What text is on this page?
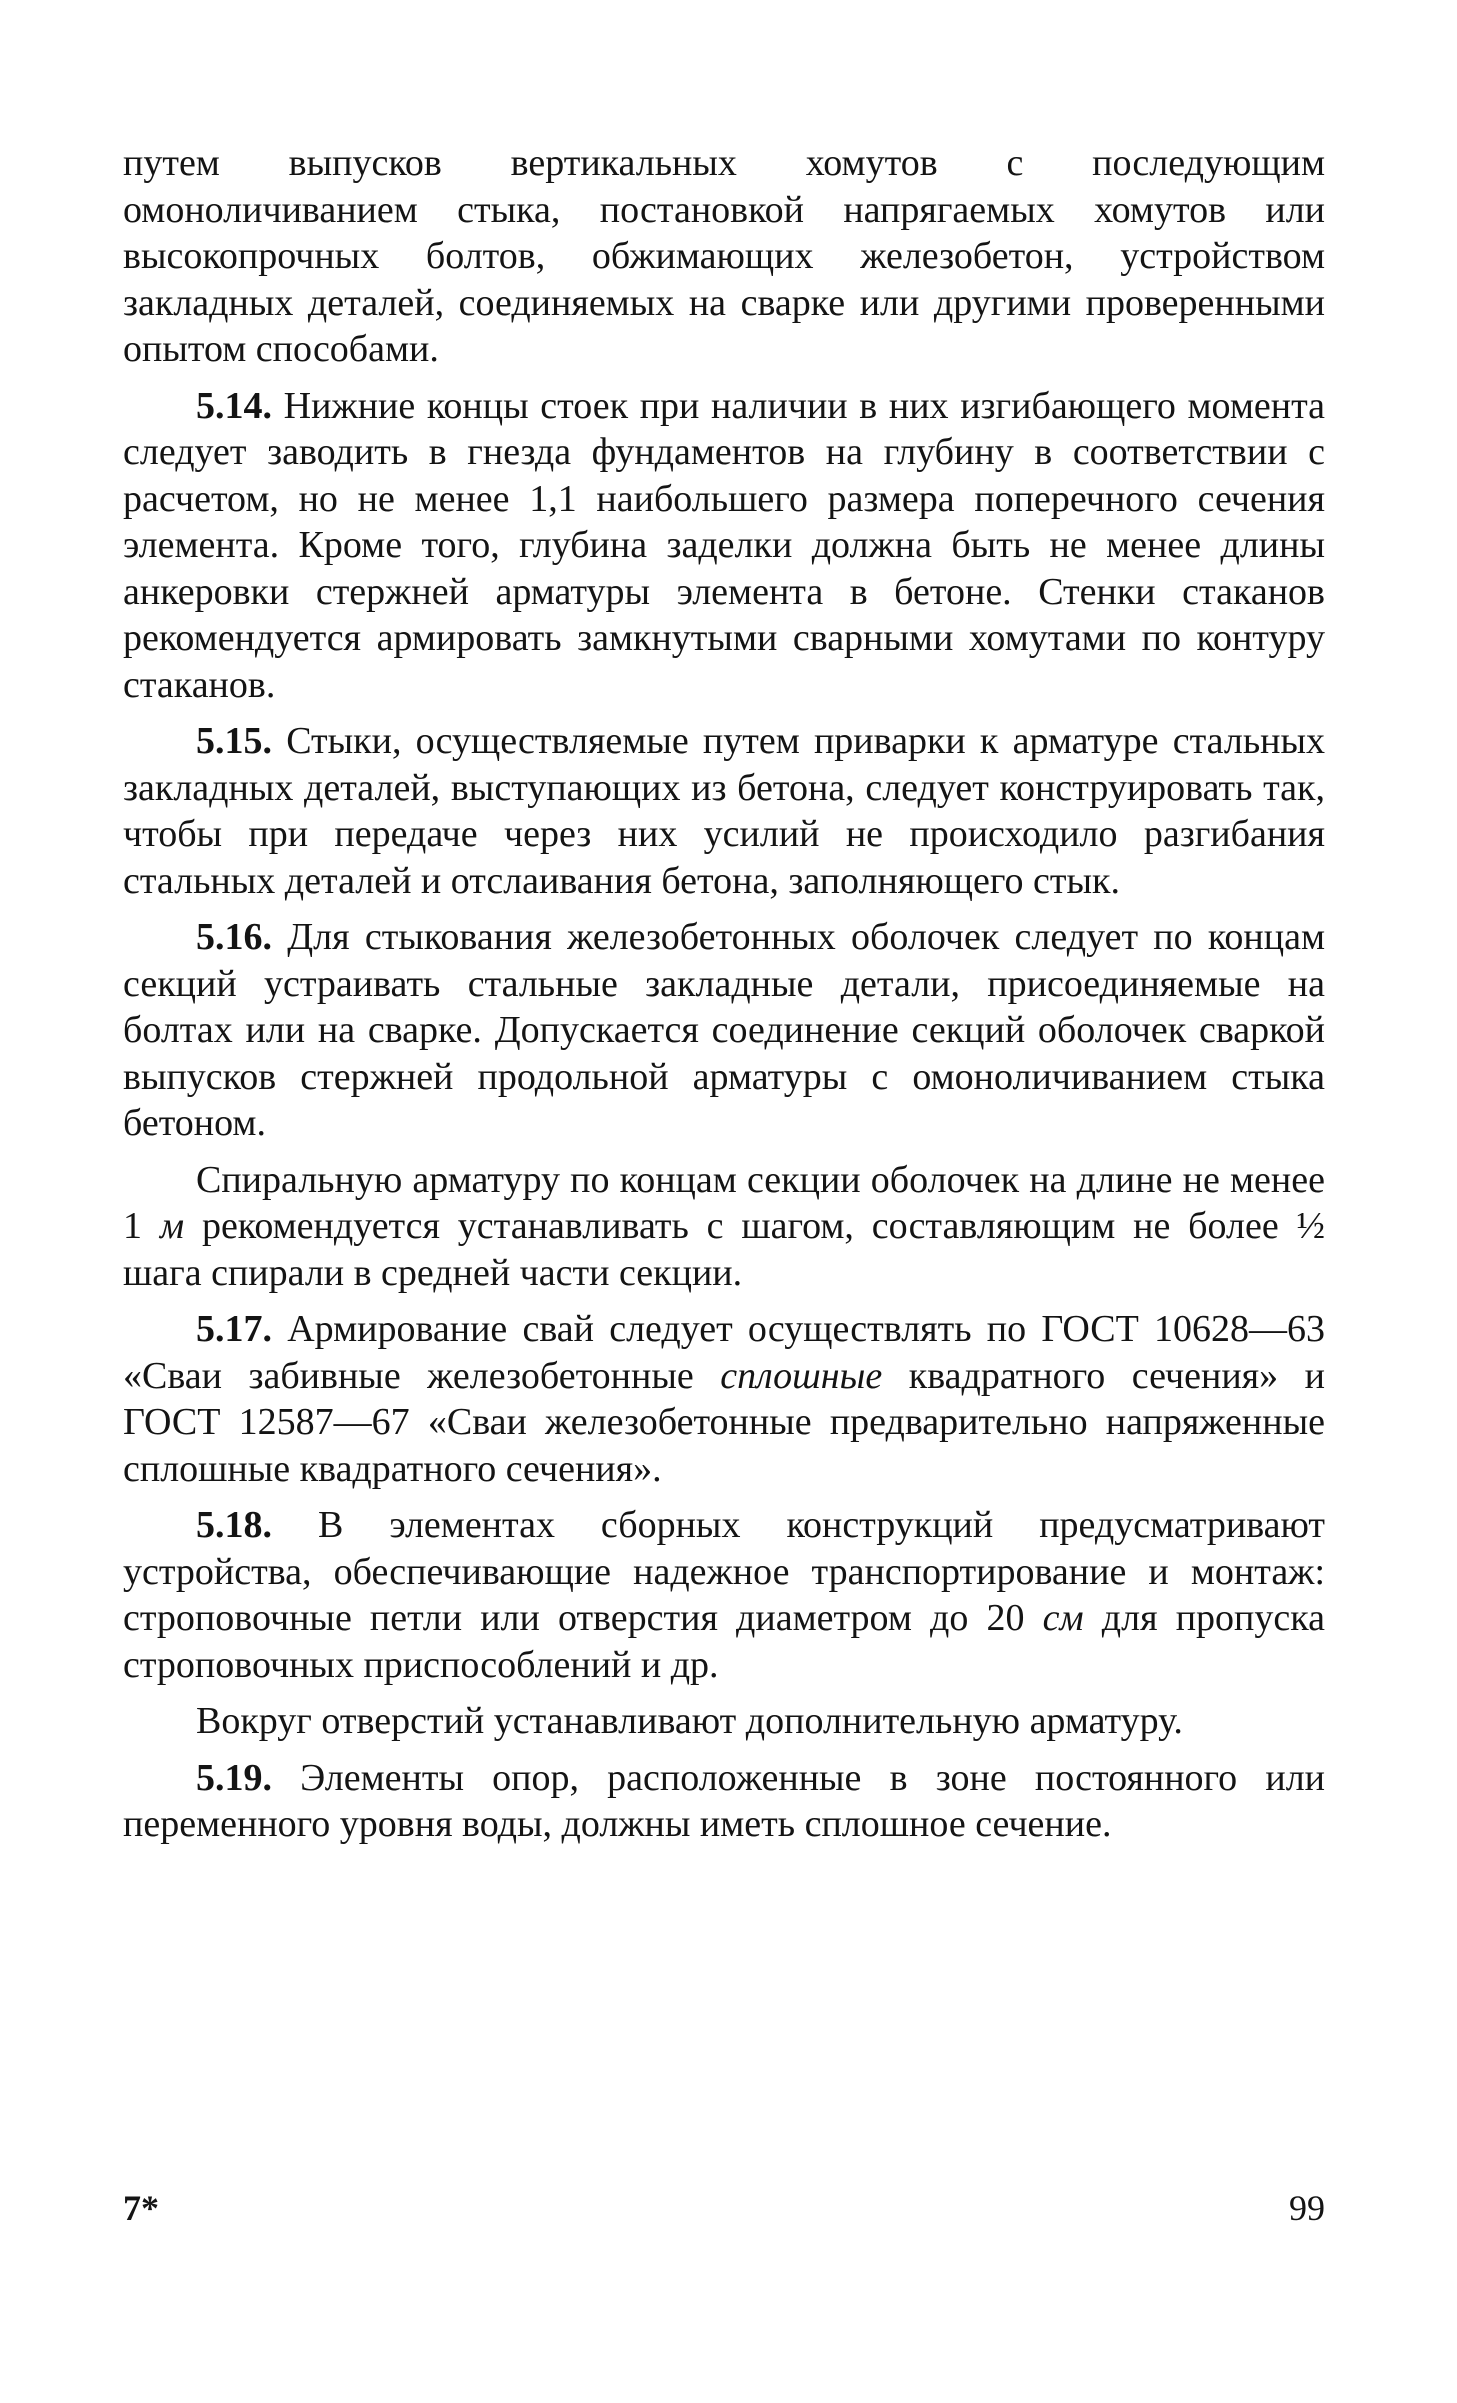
путем выпусков вертикальных хомутов с последующим омоноличиванием стыка, постановкой напрягаемых хомутов или высокопрочных болтов, обжимающих железобетон, устройством закладных деталей, соединяемых на сварке или другими проверенными опытом способами.

5.14. Нижние концы стоек при наличии в них изгибающего момента следует заводить в гнезда фундаментов на глубину в соответствии с расчетом, но не менее 1,1 наибольшего размера поперечного сечения элемента. Кроме того, глубина заделки должна быть не менее длины анкеровки стержней арматуры элемента в бетоне. Стенки стаканов рекомендуется армировать замкнутыми сварными хомутами по контуру стаканов.

5.15. Стыки, осуществляемые путем приварки к арматуре стальных закладных деталей, выступающих из бетона, следует конструировать так, чтобы при передаче через них усилий не происходило разгибания стальных деталей и отслаивания бетона, заполняющего стык.

5.16. Для стыкования железобетонных оболочек следует по концам секций устраивать стальные закладные детали, присоединяемые на болтах или на сварке. Допускается соединение секций оболочек сваркой выпусков стержней продольной арматуры с омоноличиванием стыка бетоном.

Спиральную арматуру по концам секции оболочек на длине не менее 1 м рекомендуется устанавливать с шагом, составляющим не более ½ шага спирали в средней части секции.

5.17. Армирование свай следует осуществлять по ГОСТ 10628—63 «Сваи забивные железобетонные сплошные квадратного сечения» и ГОСТ 12587—67 «Сваи железобетонные предварительно напряженные сплошные квадратного сечения».

5.18. В элементах сборных конструкций предусматривают устройства, обеспечивающие надежное транспортирование и монтаж: строповочные петли или отверстия диаметром до 20 см для пропуска строповочных приспособлений и др.

Вокруг отверстий устанавливают дополнительную арматуру.

5.19. Элементы опор, расположенные в зоне постоянного или переменного уровня воды, должны иметь сплошное сечение.

7*	99
